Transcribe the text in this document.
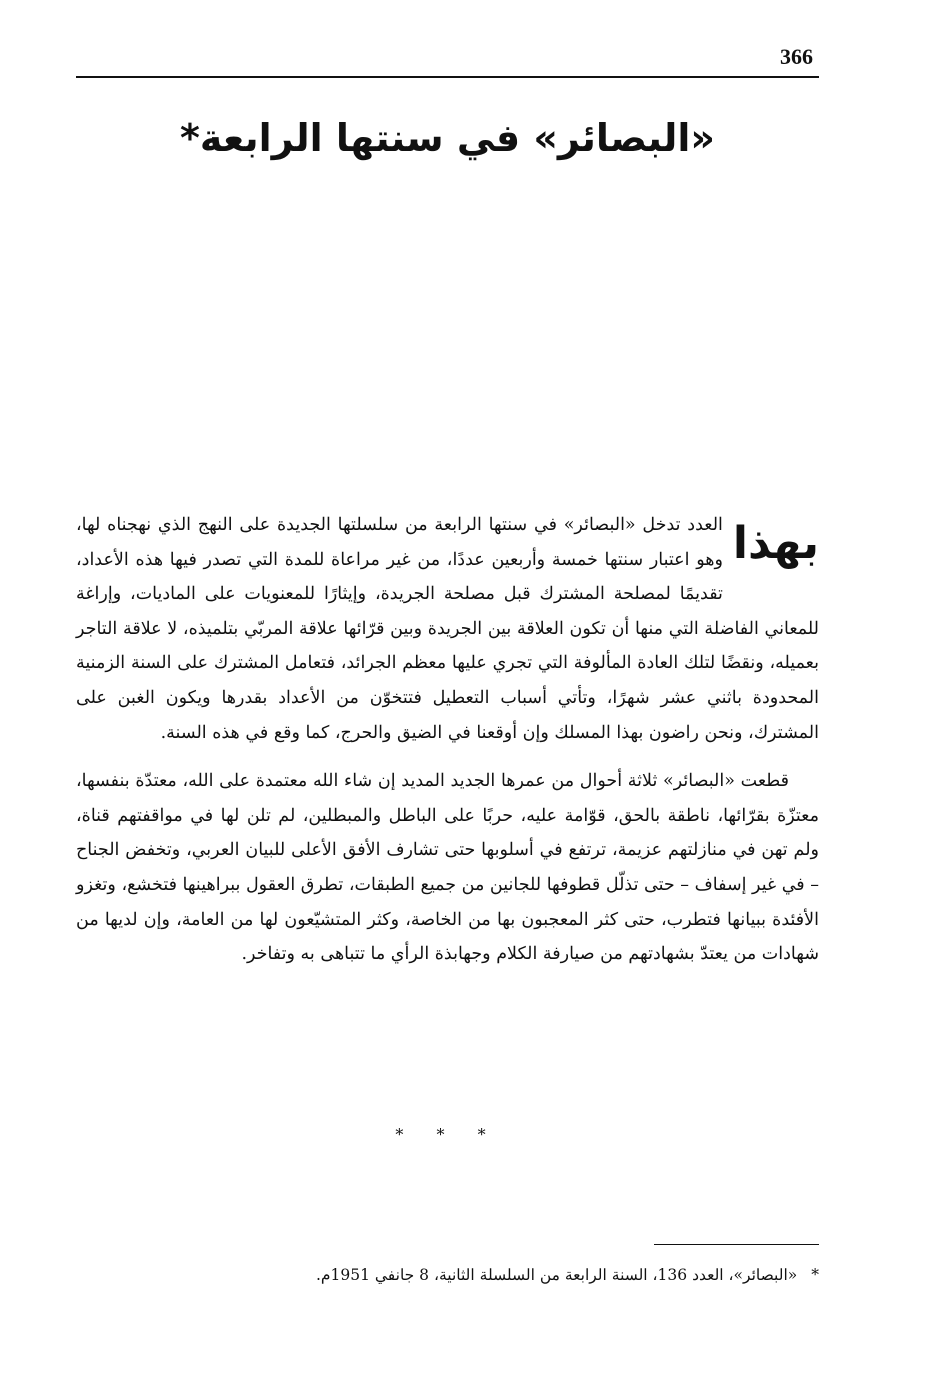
366
«البصائر» في سنتها الرابعة*

بهذا
العدد تدخل «البصائر» في سنتها الرابعة من سلسلتها الجديدة على النهج الذي نهجناه لها، وهو اعتبار سنتها خمسة وأربعين عددًا، من غير مراعاة للمدة التي تصدر فيها هذه الأعداد، تقديمًا لمصلحة المشترك قبل مصلحة الجريدة، وإيثارًا للمعنويات على الماديات، وإراغة للمعاني الفاضلة التي منها أن تكون العلاقة بين الجريدة وبين قرّائها علاقة المربّي بتلميذه، لا علاقة التاجر بعميله، ونقضًا لتلك العادة المألوفة التي تجري عليها معظم الجرائد، فتعامل المشترك على السنة الزمنية المحدودة باثني عشر شهرًا، وتأتي أسباب التعطيل فتتخوّن من الأعداد بقدرها ويكون الغبن على المشترك، ونحن راضون بهذا المسلك وإن أوقعنا في الضيق والحرج، كما وقع في هذه السنة.

قطعت «البصائر» ثلاثة أحوال من عمرها الجديد المديد إن شاء الله معتمدة على الله، معتدّة بنفسها، معتزّة بقرّائها، ناطقة بالحق، قوّامة عليه، حربًا على الباطل والمبطلين، لم تلن لها في مواقفتهم قناة، ولم تهن في منازلتهم عزيمة، ترتفع في أسلوبها حتى تشارف الأفق الأعلى للبيان العربي، وتخفض الجناح – في غير إسفاف – حتى تذلّل قطوفها للجانين من جميع الطبقات، تطرق العقول ببراهينها فتخشع، وتغزو الأفئدة ببيانها فتطرب، حتى كثر المعجبون بها من الخاصة، وكثر المتشيّعون لها من العامة، وإن لديها من شهادات من يعتدّ بشهادتهم من صيارفة الكلام وجهابذة الرأي ما تتباهى به وتفاخر.

* * *

*«البصائر»، العدد 136، السنة الرابعة من السلسلة الثانية، 8 جانفي 1951م.
